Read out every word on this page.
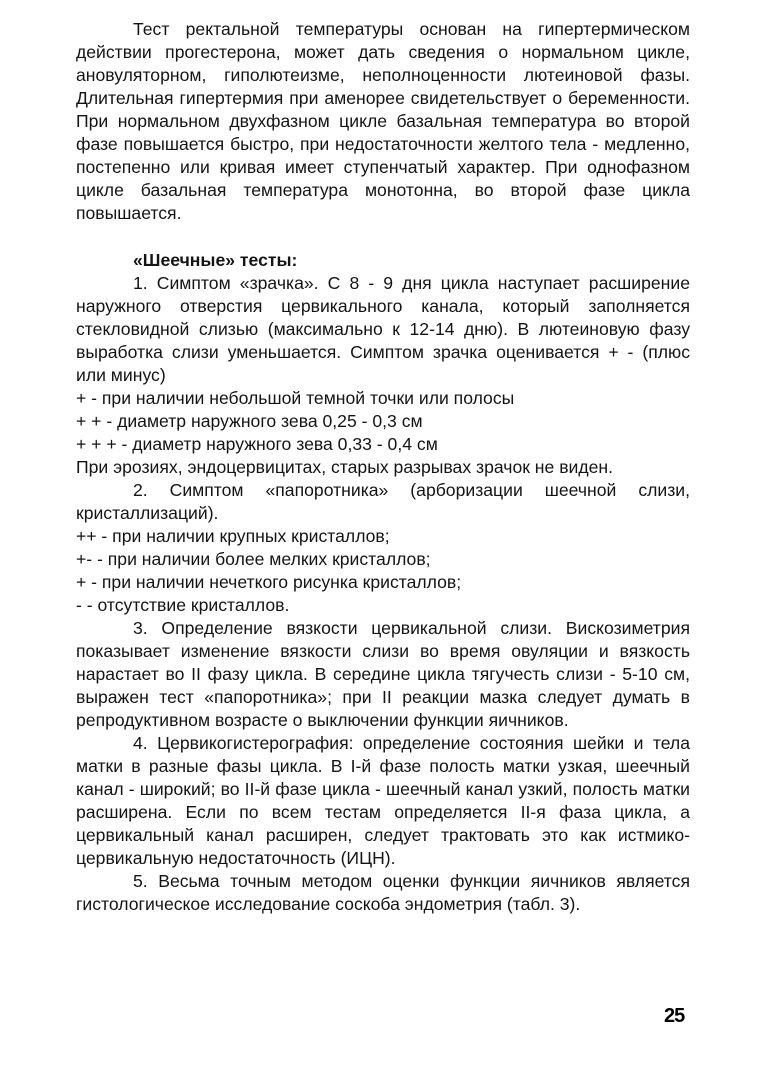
Тест ректальной температуры основан на гипертермическом действии прогестерона, может дать сведения о нормальном цикле, ановуляторном, гиполютеизме, неполноценности лютеиновой фазы. Длительная гипертермия при аменорее свидетельствует о беременности. При нормальном двухфазном цикле базальная температура во второй фазе повышается быстро, при недостаточности желтого тела - медленно, постепенно или кривая имеет ступенчатый характер. При однофазном цикле базальная температура монотонна, во второй фазе цикла повышается.

«Шеечные» тесты:

1. Симптом «зрачка». С 8 - 9 дня цикла наступает расширение наружного отверстия цервикального канала, который заполняется стекловидной слизью (максимально к 12-14 дню). В лютеиновую фазу выработка слизи уменьшается. Симптом зрачка оценивается + - (плюс или минус)

+ - при наличии небольшой темной точки или полосы

+ + - диаметр наружного зева 0,25 - 0,3 см

+ + + - диаметр наружного зева 0,33 - 0,4 см

При эрозиях, эндоцервицитах, старых разрывах зрачок не виден.

2. Симптом «папоротника» (арборизации шеечной слизи, кристаллизаций).

++ - при наличии крупных кристаллов;

+- - при наличии более мелких кристаллов;

+ - при наличии нечеткого рисунка кристаллов;

- - отсутствие кристаллов.

3. Определение вязкости цервикальной слизи. Вискозиметрия показывает изменение вязкости слизи во время овуляции и вязкость нарастает во II фазу цикла. В середине цикла тягучесть слизи - 5-10 см, выражен тест «папоротника»; при II реакции мазка следует думать в репродуктивном возрасте о выключении функции яичников.

4. Цервикогистерография: определение состояния шейки и тела матки в разные фазы цикла. В I-й фазе полость матки узкая, шеечный канал - широкий; во II-й фазе цикла - шеечный канал узкий, полость матки расширена. Если по всем тестам определяется II-я фаза цикла, а цервикальный канал расширен, следует трактовать это как истмико-цервикальную недостаточность (ИЦН).

5. Весьма точным методом оценки функции яичников является гистологическое исследование соскоба эндометрия (табл. 3).

25
